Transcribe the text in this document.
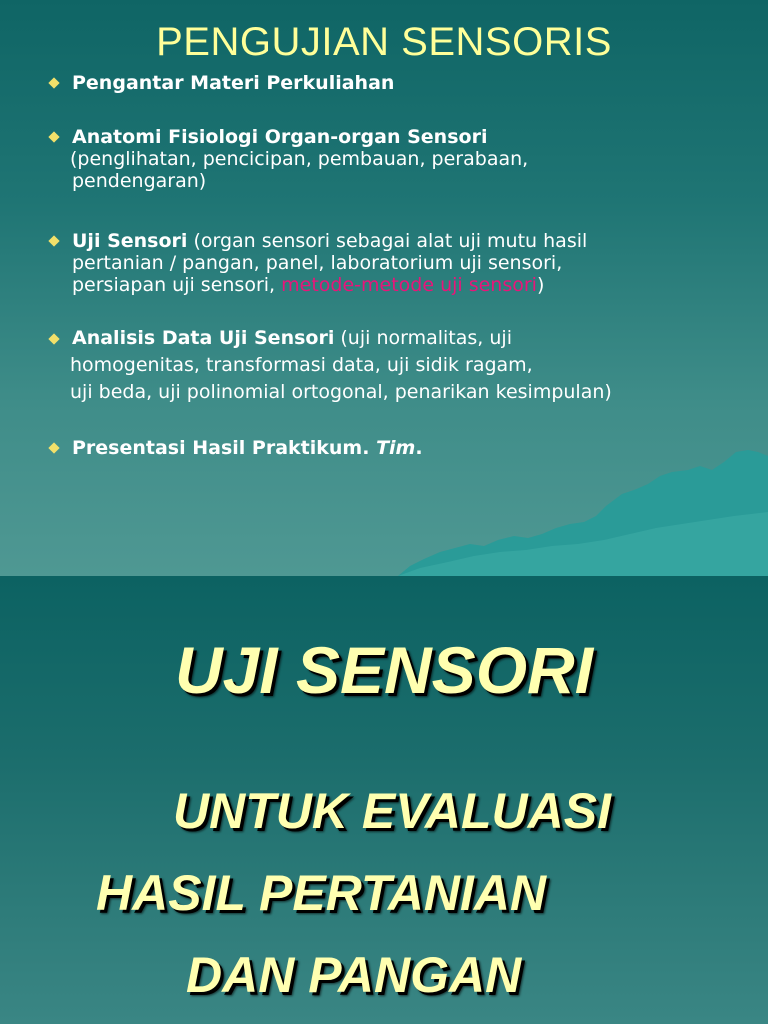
PENGUJIAN SENSORIS
Pengantar Materi Perkuliahan
Anatomi Fisiologi Organ-organ Sensori

(penglihatan, pencicipan, pembauan, perabaan,
pendengaran)
Uji Sensori (organ sensori sebagai alat uji mutu hasil
pertanian / pangan, panel, laboratorium uji sensori,
persiapan uji sensori, metode-metode uji sensori)
Analisis Data Uji Sensori (uji normalitas, uji

homogenitas, transformasi data, uji sidik ragam,
uji beda, uji polinomial ortogonal, penarikan kesimpulan)
Presentasi Hasil Praktikum. Tim.
UJI SENSORI
UNTUK EVALUASI
HASIL PERTANIAN
DAN PANGAN
